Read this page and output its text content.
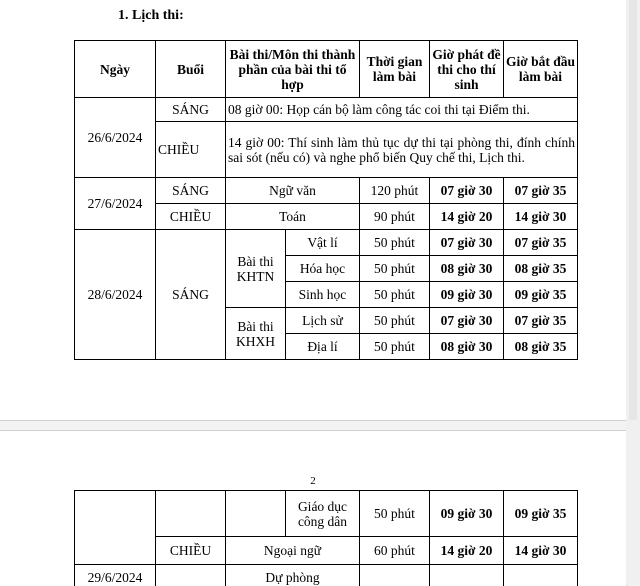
1. Lịch thi:
Ngày	Buổi	Bài thi/Môn thi thành phần của bài thi tổ hợp		Thời gian làm bài	Giờ phát đề thi cho thí sinh	Giờ bắt đầu làm bài
26/6/2024	SÁNG	08 giờ 00: Họp cán bộ làm công tác coi thi tại Điểm thi.				
	CHIỀU	14 giờ 00: Thí sinh làm thủ tục dự thi tại phòng thi, đính chính sai sót (nếu có) và nghe phổ biến Quy chế thi, Lịch thi.				
27/6/2024	SÁNG	Ngữ văn		120 phút	07 giờ 30	07 giờ 35
	CHIỀU	Toán		90 phút	14 giờ 20	14 giờ 30
28/6/2024	SÁNG	Bài thi KHTN	Vật lí	50 phút	07 giờ 30	07 giờ 35
			Hóa học	50 phút	08 giờ 30	08 giờ 35
			Sinh học	50 phút	09 giờ 30	09 giờ 35
		Bài thi KHXH	Lịch sử	50 phút	07 giờ 30	07 giờ 35
			Địa lí	50 phút	08 giờ 30	08 giờ 35
2
			Giáo dục công dân	50 phút	09 giờ 30	09 giờ 35
	CHIỀU	Ngoại ngữ		60 phút	14 giờ 20	14 giờ 30
29/6/2024		Dự phòng				
